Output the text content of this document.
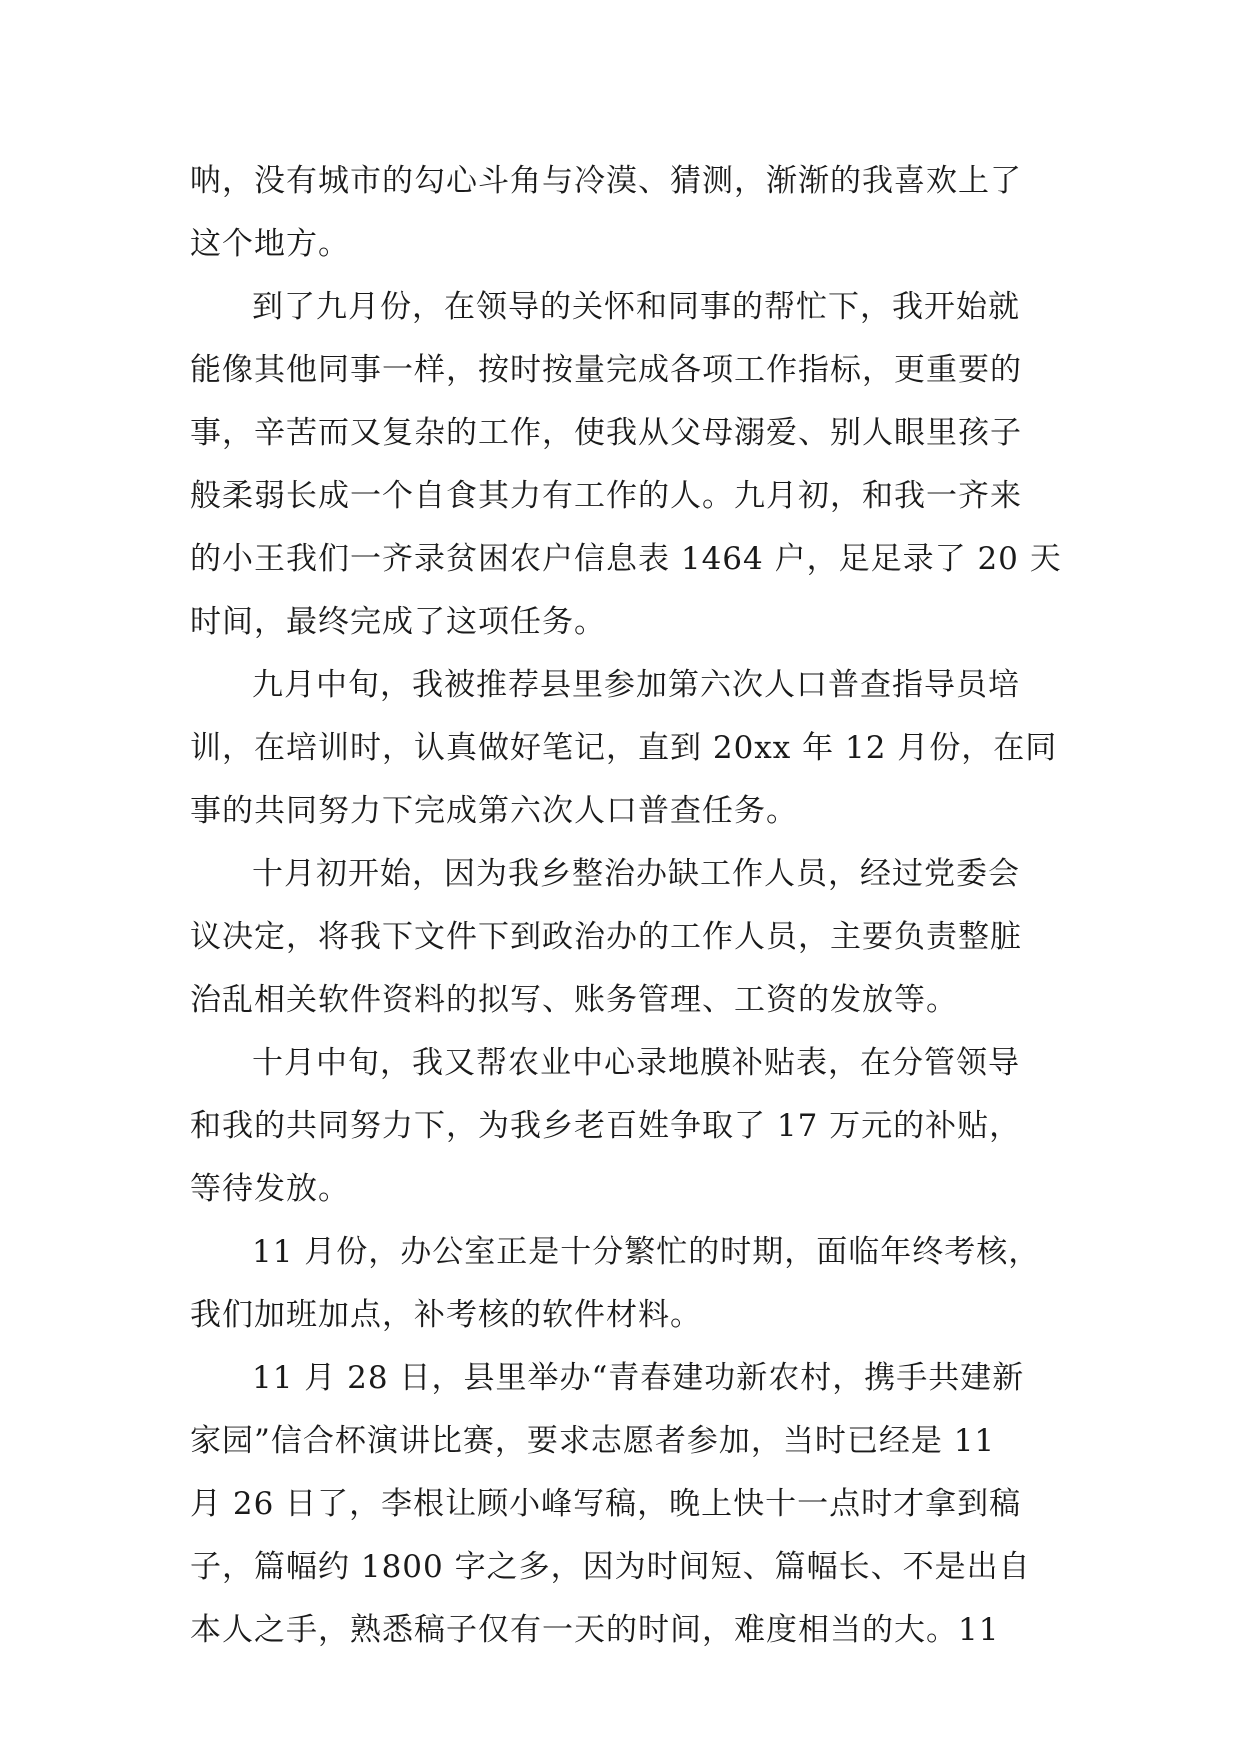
呐，没有城市的勾心斗角与冷漠、猜测，渐渐的我喜欢上了
这个地方。
到了九月份，在领导的关怀和同事的帮忙下，我开始就
能像其他同事一样，按时按量完成各项工作指标，更重要的
事，辛苦而又复杂的工作，使我从父母溺爱、别人眼里孩子
般柔弱长成一个自食其力有工作的人。九月初，和我一齐来
的小王我们一齐录贫困农户信息表 1464 户，足足录了 20 天
时间，最终完成了这项任务。
九月中旬，我被推荐县里参加第六次人口普查指导员培
训，在培训时，认真做好笔记，直到 20xx 年 12 月份，在同
事的共同努力下完成第六次人口普查任务。
十月初开始，因为我乡整治办缺工作人员，经过党委会
议决定，将我下文件下到政治办的工作人员，主要负责整脏
治乱相关软件资料的拟写、账务管理、工资的发放等。
十月中旬，我又帮农业中心录地膜补贴表，在分管领导
和我的共同努力下，为我乡老百姓争取了 17 万元的补贴，
等待发放。
11 月份，办公室正是十分繁忙的时期，面临年终考核，
我们加班加点，补考核的软件材料。
11 月 28 日，县里举办“青春建功新农村，携手共建新
家园”信合杯演讲比赛，要求志愿者参加，当时已经是 11
月 26 日了，李根让顾小峰写稿，晚上快十一点时才拿到稿
子，篇幅约 1800 字之多，因为时间短、篇幅长、不是出自
本人之手，熟悉稿子仅有一天的时间，难度相当的大。11
